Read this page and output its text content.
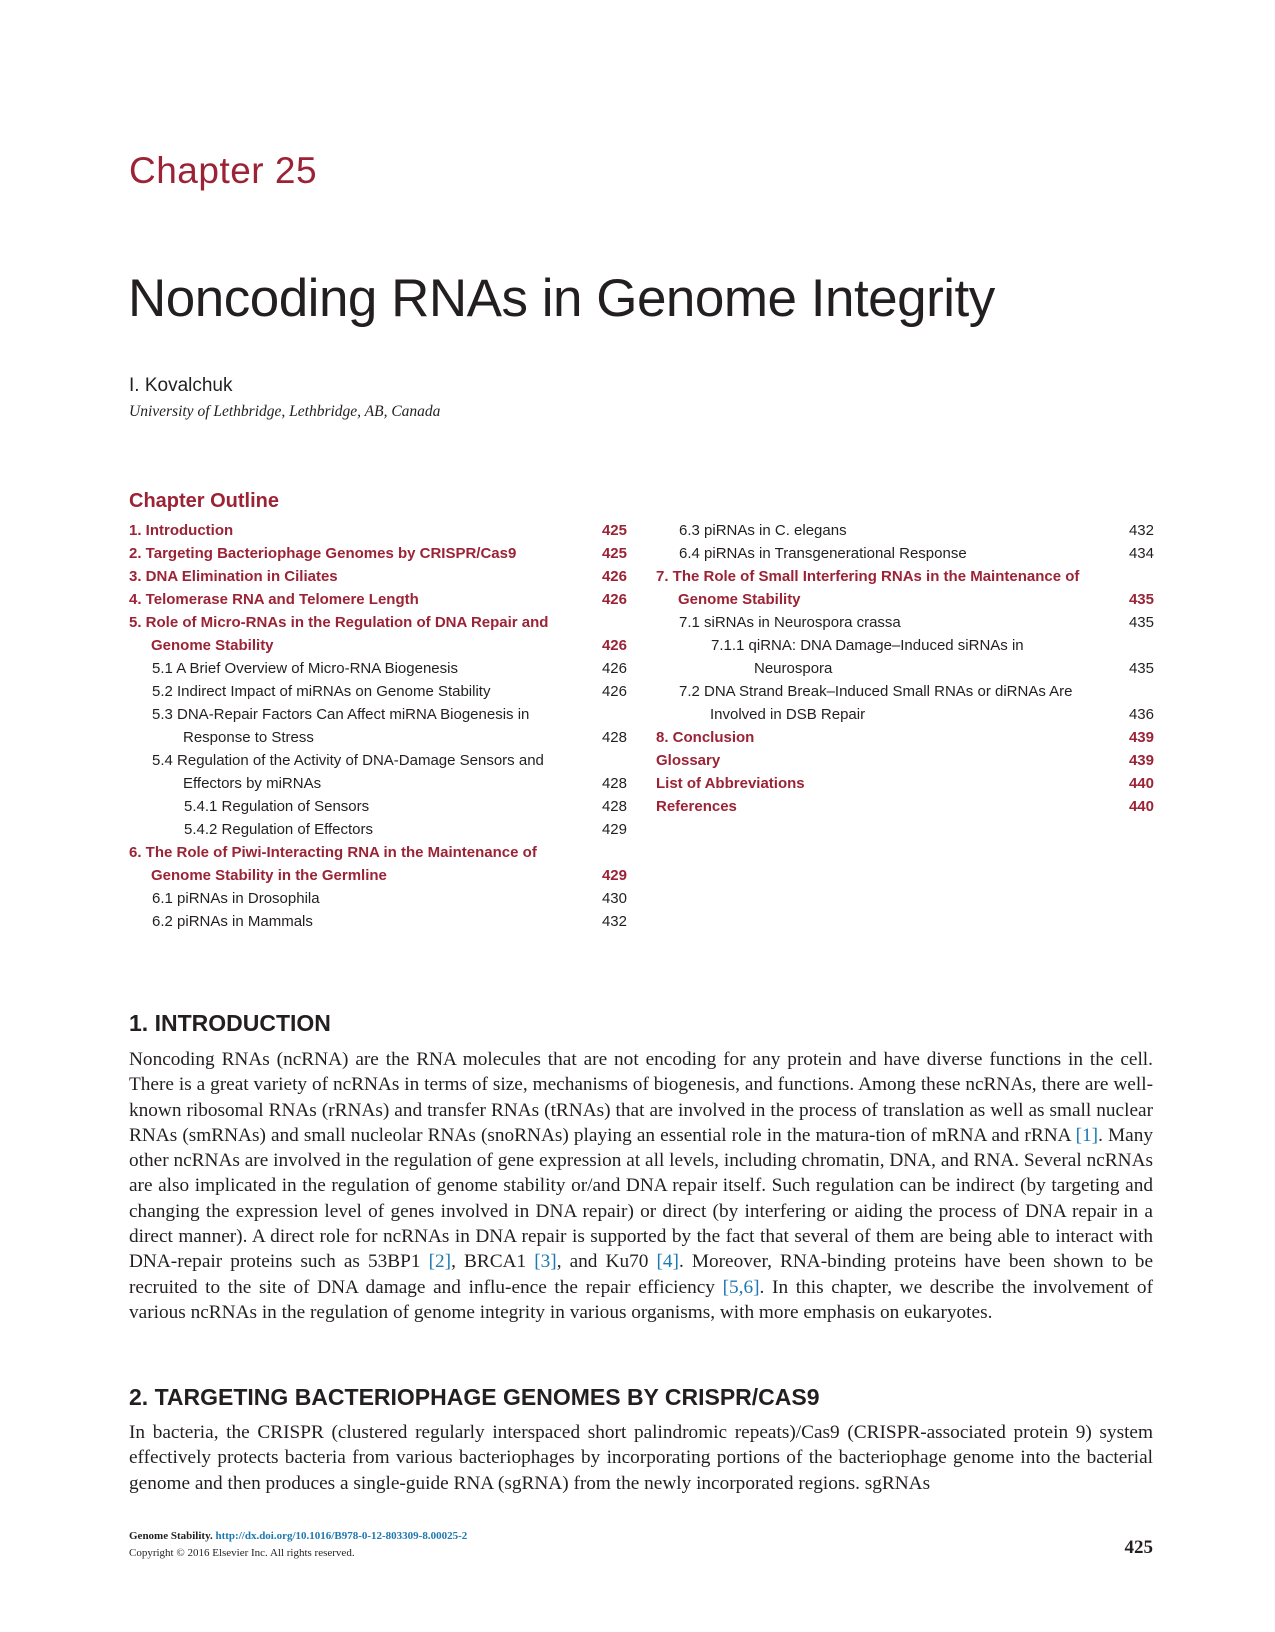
Chapter 25
Noncoding RNAs in Genome Integrity
I. Kovalchuk
University of Lethbridge, Lethbridge, AB, Canada
Chapter Outline
1. Introduction	425
2. Targeting Bacteriophage Genomes by CRISPR/Cas9	425
3. DNA Elimination in Ciliates	426
4. Telomerase RNA and Telomere Length	426
5. Role of Micro-RNAs in the Regulation of DNA Repair and
Genome Stability	426
5.1 A Brief Overview of Micro-RNA Biogenesis	426
5.2 Indirect Impact of miRNAs on Genome Stability	426
5.3 DNA-Repair Factors Can Affect miRNA Biogenesis in
Response to Stress	428
5.4 Regulation of the Activity of DNA-Damage Sensors and
Effectors by miRNAs	428
5.4.1 Regulation of Sensors	428
5.4.2 Regulation of Effectors	429
6. The Role of Piwi-Interacting RNA in the Maintenance of
Genome Stability in the Germline	429
6.1 piRNAs in Drosophila	430
6.2 piRNAs in Mammals	432
6.3 piRNAs in C. elegans	432
6.4 piRNAs in Transgenerational Response	434
7. The Role of Small Interfering RNAs in the Maintenance of
Genome Stability	435
7.1 siRNAs in Neurospora crassa	435
7.1.1 qiRNA: DNA Damage–Induced siRNAs in
Neurospora	435
7.2 DNA Strand Break–Induced Small RNAs or diRNAs Are
Involved in DSB Repair	436
8. Conclusion	439
Glossary	439
List of Abbreviations	440
References	440
1. INTRODUCTION
Noncoding RNAs (ncRNA) are the RNA molecules that are not encoding for any protein and have diverse functions in the cell. There is a great variety of ncRNAs in terms of size, mechanisms of biogenesis, and functions. Among these ncRNAs, there are well-known ribosomal RNAs (rRNAs) and transfer RNAs (tRNAs) that are involved in the process of translation as well as small nuclear RNAs (smRNAs) and small nucleolar RNAs (snoRNAs) playing an essential role in the matura-tion of mRNA and rRNA [1]. Many other ncRNAs are involved in the regulation of gene expression at all levels, including chromatin, DNA, and RNA. Several ncRNAs are also implicated in the regulation of genome stability or/and DNA repair itself. Such regulation can be indirect (by targeting and changing the expression level of genes involved in DNA repair) or direct (by interfering or aiding the process of DNA repair in a direct manner). A direct role for ncRNAs in DNA repair is supported by the fact that several of them are being able to interact with DNA-repair proteins such as 53BP1 [2], BRCA1 [3], and Ku70 [4]. Moreover, RNA-binding proteins have been shown to be recruited to the site of DNA damage and influ-ence the repair efficiency [5,6]. In this chapter, we describe the involvement of various ncRNAs in the regulation of genome integrity in various organisms, with more emphasis on eukaryotes.
2. TARGETING BACTERIOPHAGE GENOMES BY CRISPR/CAS9
In bacteria, the CRISPR (clustered regularly interspaced short palindromic repeats)/Cas9 (CRISPR-associated protein 9) system effectively protects bacteria from various bacteriophages by incorporating portions of the bacteriophage genome into the bacterial genome and then produces a single-guide RNA (sgRNA) from the newly incorporated regions. sgRNAs
Genome Stability. http://dx.doi.org/10.1016/B978-0-12-803309-8.00025-2
Copyright © 2016 Elsevier Inc. All rights reserved.	425
